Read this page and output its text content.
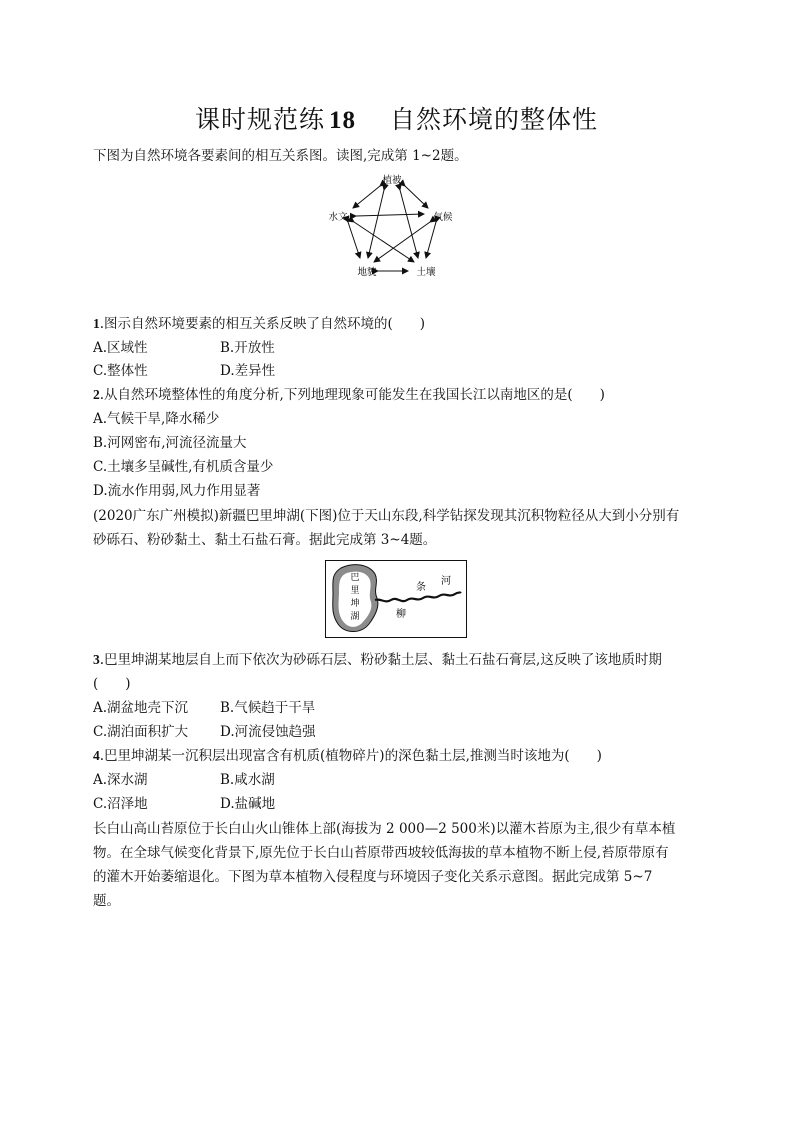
课时规范练 18 自然环境的整体性
下图为自然环境各要素间的相互关系图。读图,完成第 1~2题。
植被
水文	气候
地貌	土壤
1.图示自然环境要素的相互关系反映了自然环境的(　　)
A.区域性	B.开放性
C.整体性	D.差异性
2.从自然环境整体性的角度分析,下列地理现象可能发生在我国长江以南地区的是(　　)
A.气候干旱,降水稀少
B.河网密布,河流径流量大
C.土壤多呈碱性,有机质含量少
D.流水作用弱,风力作用显著
(2020广东广州模拟)新疆巴里坤湖(下图)位于天山东段,科学钻探发现其沉积物粒径从大到小分别有
砂砾石、粉砂黏土、黏土石盐石膏。据此完成第 3~4题。
巴
里
坤
湖	柳
条
河
3.巴里坤湖某地层自上而下依次为砂砾石层、粉砂黏土层、黏土石盐石膏层,这反映了该地质时期
(　　)
A.湖盆地壳下沉 B.气候趋于干旱
C.湖泊面积扩大 D.河流侵蚀趋强
4.巴里坤湖某一沉积层出现富含有机质(植物碎片)的深色黏土层,推测当时该地为(　　)
A.深水湖	B.咸水湖
C.沼泽地	D.盐碱地
长白山高山苔原位于长白山火山锥体上部(海拔为 2 000—2 500米)以灌木苔原为主,很少有草本植
物。在全球气候变化背景下,原先位于长白山苔原带西坡较低海拔的草本植物不断上侵,苔原带原有
的灌木开始萎缩退化。下图为草本植物入侵程度与环境因子变化关系示意图。据此完成第 5~7
题。
